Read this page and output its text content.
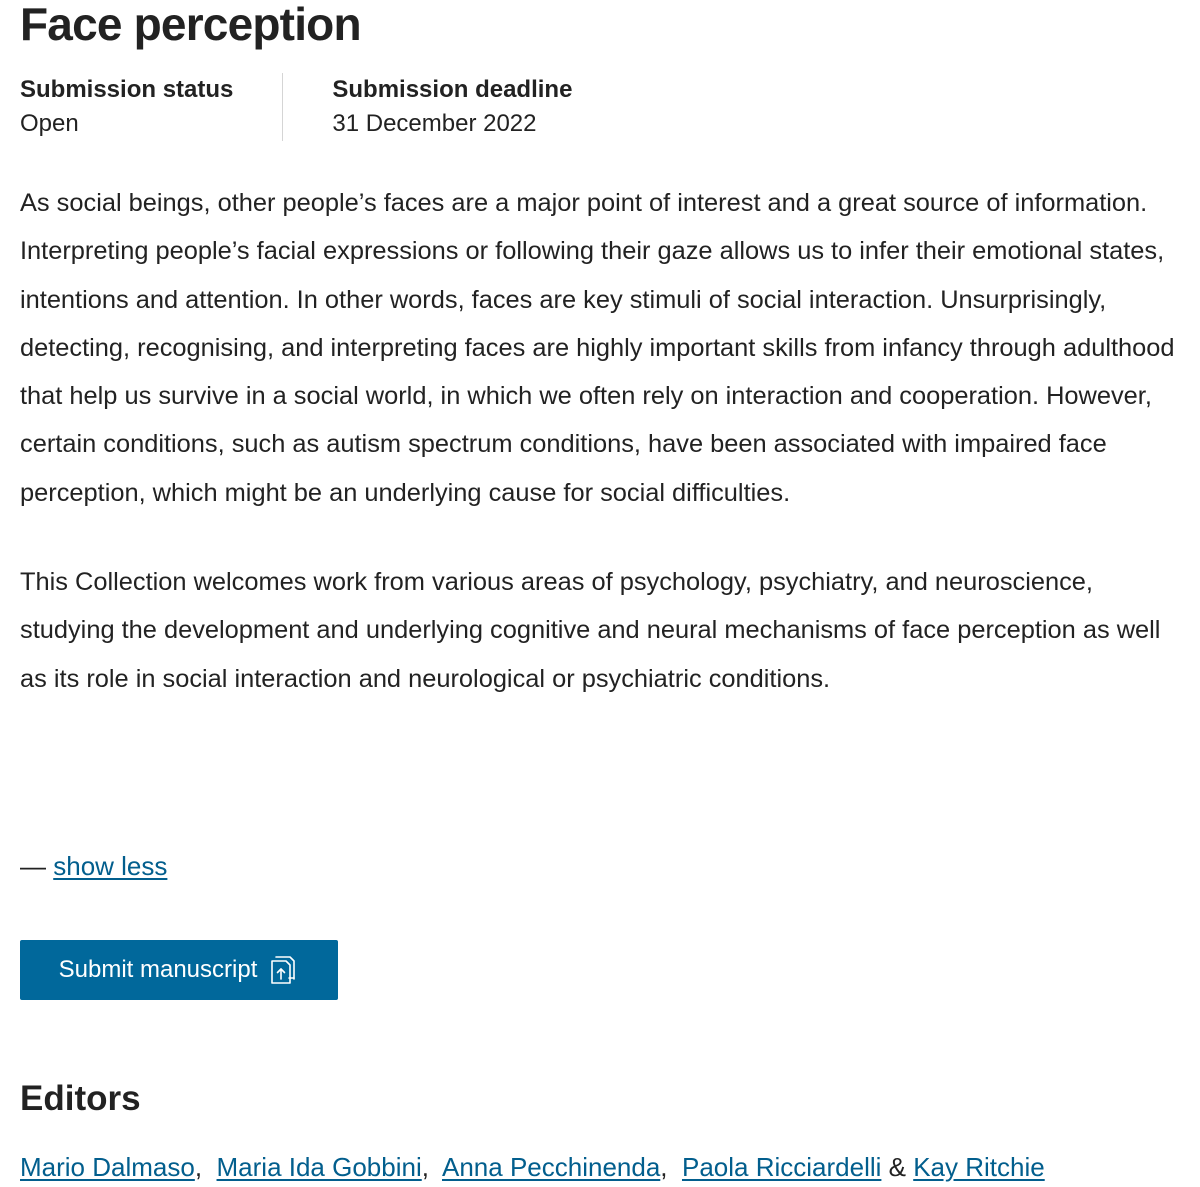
Face perception
Submission status
Open
Submission deadline
31 December 2022

As social beings, other people’s faces are a major point of interest and a great source of information. Interpreting people’s facial expressions or following their gaze allows us to infer their emotional states, intentions and attention. In other words, faces are key stimuli of social interaction. Unsurprisingly, detecting, recognising, and interpreting faces are highly important skills from infancy through adulthood that help us survive in a social world, in which we often rely on interaction and cooperation. However, certain conditions, such as autism spectrum conditions, have been associated with impaired face perception, which might be an underlying cause for social difficulties.

This Collection welcomes work from various areas of psychology, psychiatry, and neuroscience, studying the development and underlying cognitive and neural mechanisms of face perception as well as its role in social interaction and neurological or psychiatric conditions.

— show less
Submit manuscript
Editors
Mario Dalmaso, Maria Ida Gobbini, Anna Pecchinenda, Paola Ricciardelli & Kay Ritchie
